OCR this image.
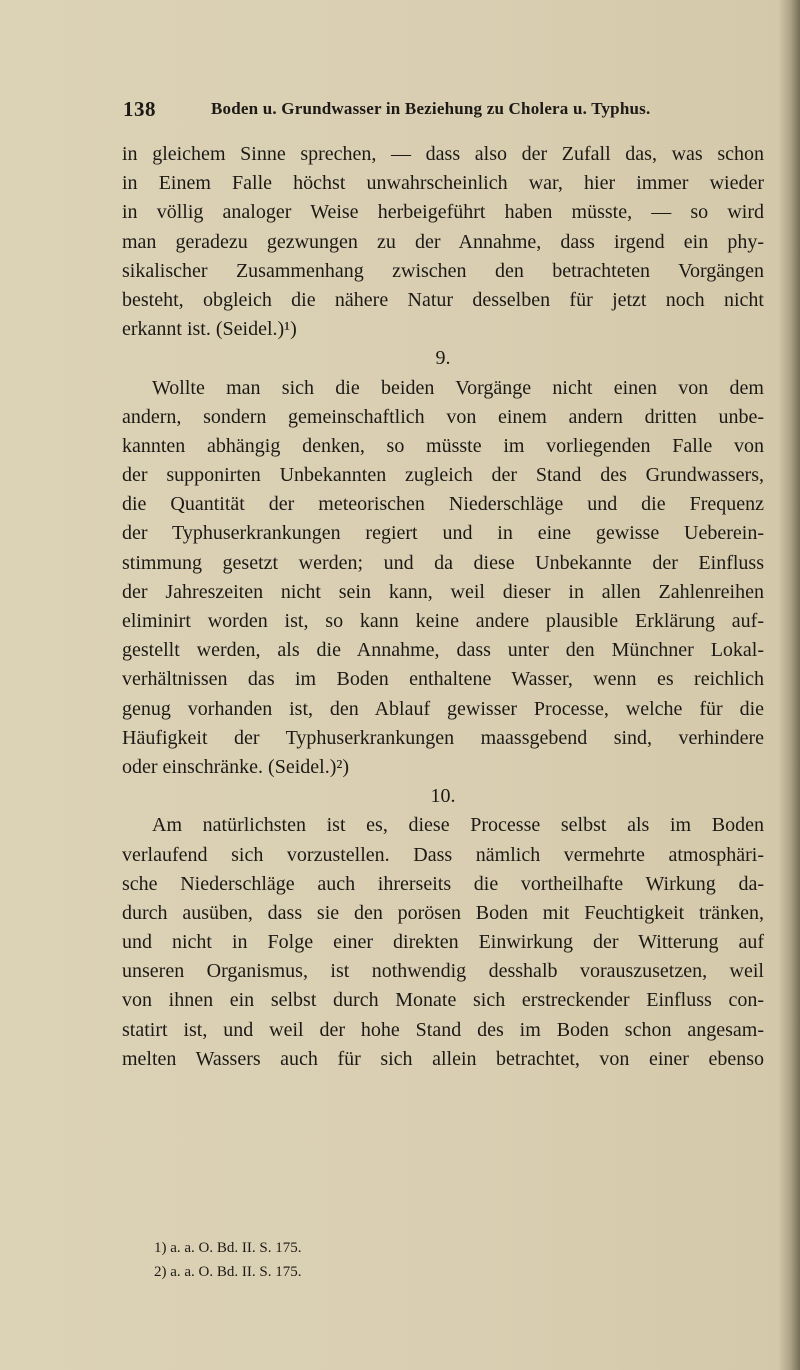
138	Boden u. Grundwasser in Beziehung zu Cholera u. Typhus.
in gleichem Sinne sprechen, — dass also der Zufall das, was schon
in Einem Falle höchst unwahrscheinlich war, hier immer wieder
in völlig analoger Weise herbeigeführt haben müsste, — so wird
man geradezu gezwungen zu der Annahme, dass irgend ein phy-
sikalischer Zusammenhang zwischen den betrachteten Vorgängen
besteht, obgleich die nähere Natur desselben für jetzt noch nicht
erkannt ist. (Seidel.)¹)
9.
Wollte man sich die beiden Vorgänge nicht einen von dem
andern, sondern gemeinschaftlich von einem andern dritten unbe-
kannten abhängig denken, so müsste im vorliegenden Falle von
der supponirten Unbekannten zugleich der Stand des Grundwassers,
die Quantität der meteorischen Niederschläge und die Frequenz
der Typhuserkrankungen regiert und in eine gewisse Ueberein-
stimmung gesetzt werden; und da diese Unbekannte der Einfluss
der Jahreszeiten nicht sein kann, weil dieser in allen Zahlenreihen
eliminirt worden ist, so kann keine andere plausible Erklärung auf-
gestellt werden, als die Annahme, dass unter den Münchner Lokal-
verhältnissen das im Boden enthaltene Wasser, wenn es reichlich
genug vorhanden ist, den Ablauf gewisser Processe, welche für die
Häufigkeit der Typhuserkrankungen maassgebend sind, verhindere
oder einschränke. (Seidel.)²)
10.
Am natürlichsten ist es, diese Processe selbst als im Boden
verlaufend sich vorzustellen. Dass nämlich vermehrte atmosphäri-
sche Niederschläge auch ihrerseits die vortheilhafte Wirkung da-
durch ausüben, dass sie den porösen Boden mit Feuchtigkeit tränken,
und nicht in Folge einer direkten Einwirkung der Witterung auf
unseren Organismus, ist nothwendig desshalb vorauszusetzen, weil
von ihnen ein selbst durch Monate sich erstreckender Einfluss con-
statirt ist, und weil der hohe Stand des im Boden schon angesam-
melten Wassers auch für sich allein betrachtet, von einer ebenso
1) a. a. O. Bd. II. S. 175.
2) a. a. O. Bd. II. S. 175.
